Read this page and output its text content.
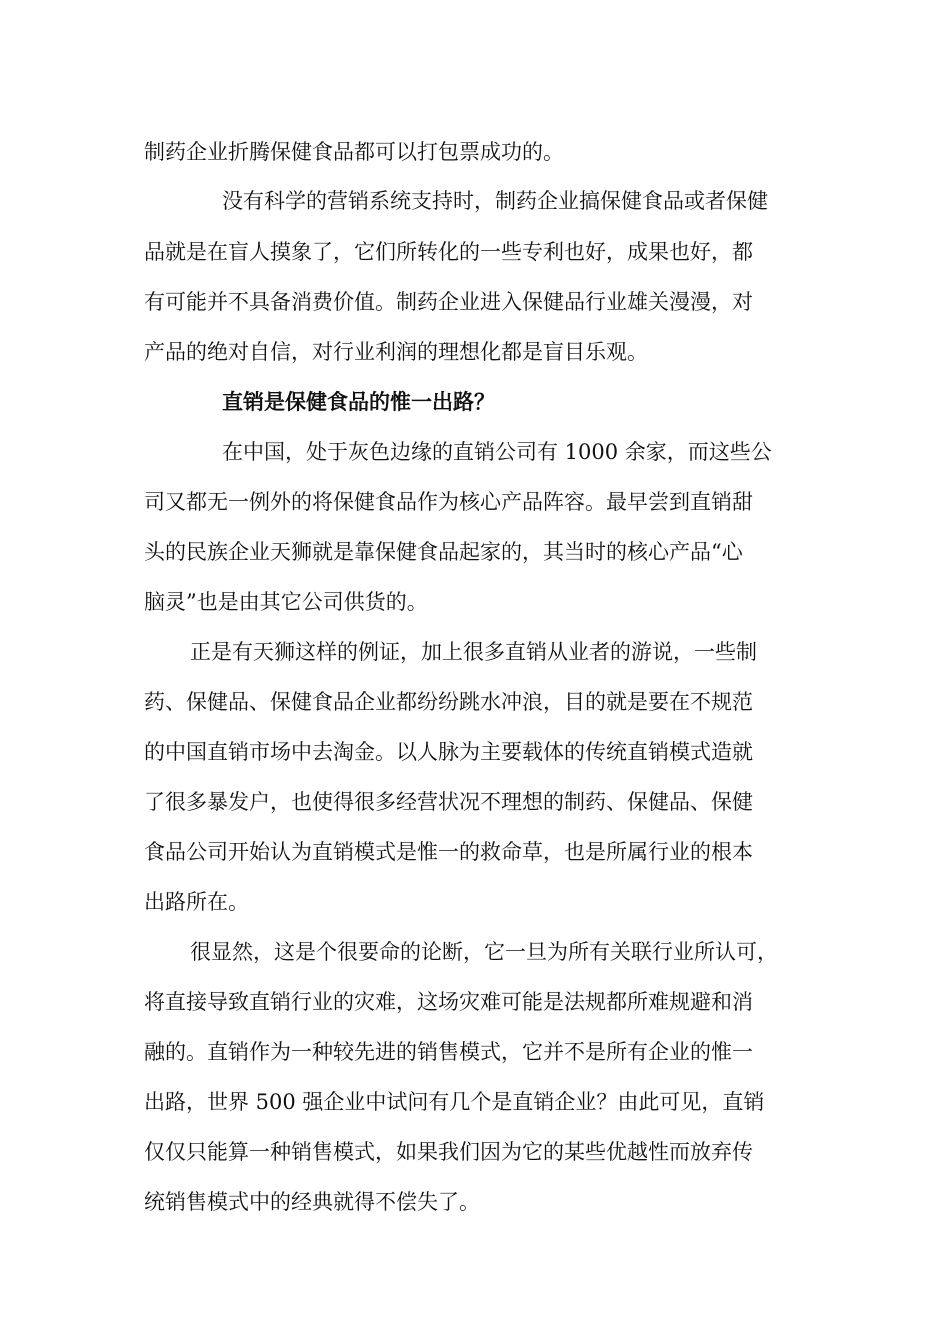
制药企业折腾保健食品都可以打包票成功的。
没有科学的营销系统支持时，制药企业搞保健食品或者保健
品就是在盲人摸象了，它们所转化的一些专利也好，成果也好，都
有可能并不具备消费价值。制药企业进入保健品行业雄关漫漫，对
产品的绝对自信，对行业利润的理想化都是盲目乐观。
直销是保健食品的惟一出路？
在中国，处于灰色边缘的直销公司有 1000 余家，而这些公
司又都无一例外的将保健食品作为核心产品阵容。最早尝到直销甜
头的民族企业天狮就是靠保健食品起家的，其当时的核心产品“心
脑灵”也是由其它公司供货的。
正是有天狮这样的例证，加上很多直销从业者的游说，一些制
药、保健品、保健食品企业都纷纷跳水冲浪，目的就是要在不规范
的中国直销市场中去淘金。以人脉为主要载体的传统直销模式造就
了很多暴发户，也使得很多经营状况不理想的制药、保健品、保健
食品公司开始认为直销模式是惟一的救命草，也是所属行业的根本
出路所在。
很显然，这是个很要命的论断，它一旦为所有关联行业所认可，
将直接导致直销行业的灾难，这场灾难可能是法规都所难规避和消
融的。直销作为一种较先进的销售模式，它并不是所有企业的惟一
出路，世界 500 强企业中试问有几个是直销企业？由此可见，直销
仅仅只能算一种销售模式，如果我们因为它的某些优越性而放弃传
统销售模式中的经典就得不偿失了。
